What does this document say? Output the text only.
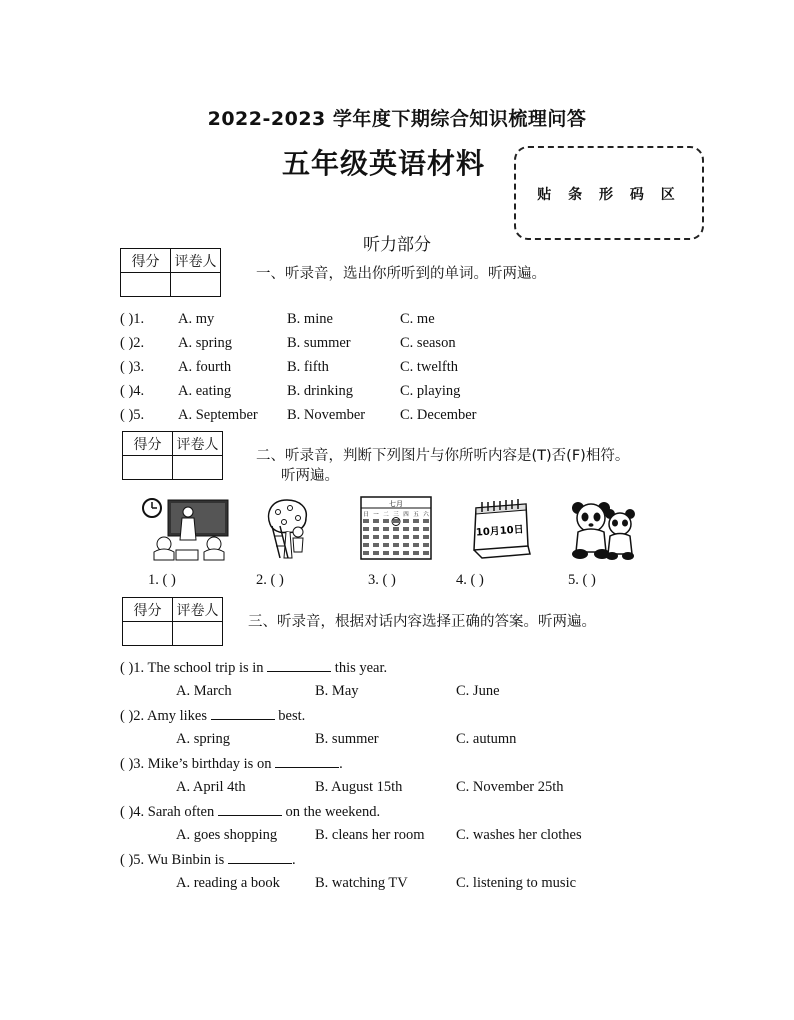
2022-2023 学年度下期综合知识梳理问答
五年级英语材料
贴 条 形 码 区
听力部分
得分	评卷人

一、听录音，选出你所听到的单词。听两遍。
( )1. A. my	B. mine	C. me
( )2. A. spring	B. summer	C. season
( )3. A. fourth	B. fifth	C. twelfth
( )4. A. eating	B. drinking	C. playing
( )5. A. September B. November C. December
得分	评卷人

二、听录音，判断下列图片与你所听内容是(T)否(F)相符。
听两遍。
七月
日 一 二 三 四 五 六
10月10日
1. ( )	2. ( )	3. ( )	4. ( )	5. ( )
得分	评卷人

三、听录音，根据对话内容选择正确的答案。听两遍。
( )1. The school trip is in	this year.
A. March	B. May	C. June
( )2. Amy likes	best.
A. spring	B. summer	C. autumn
( )3. Mike’s birthday is on	.
A. April 4th	B. August 15th	C. November 25th
( )4. Sarah often	on the weekend.
A. goes shopping	B. cleans her room C. washes her clothes
( )5. Wu Binbin is	.
A. reading a book B. watching TV	C. listening to music
